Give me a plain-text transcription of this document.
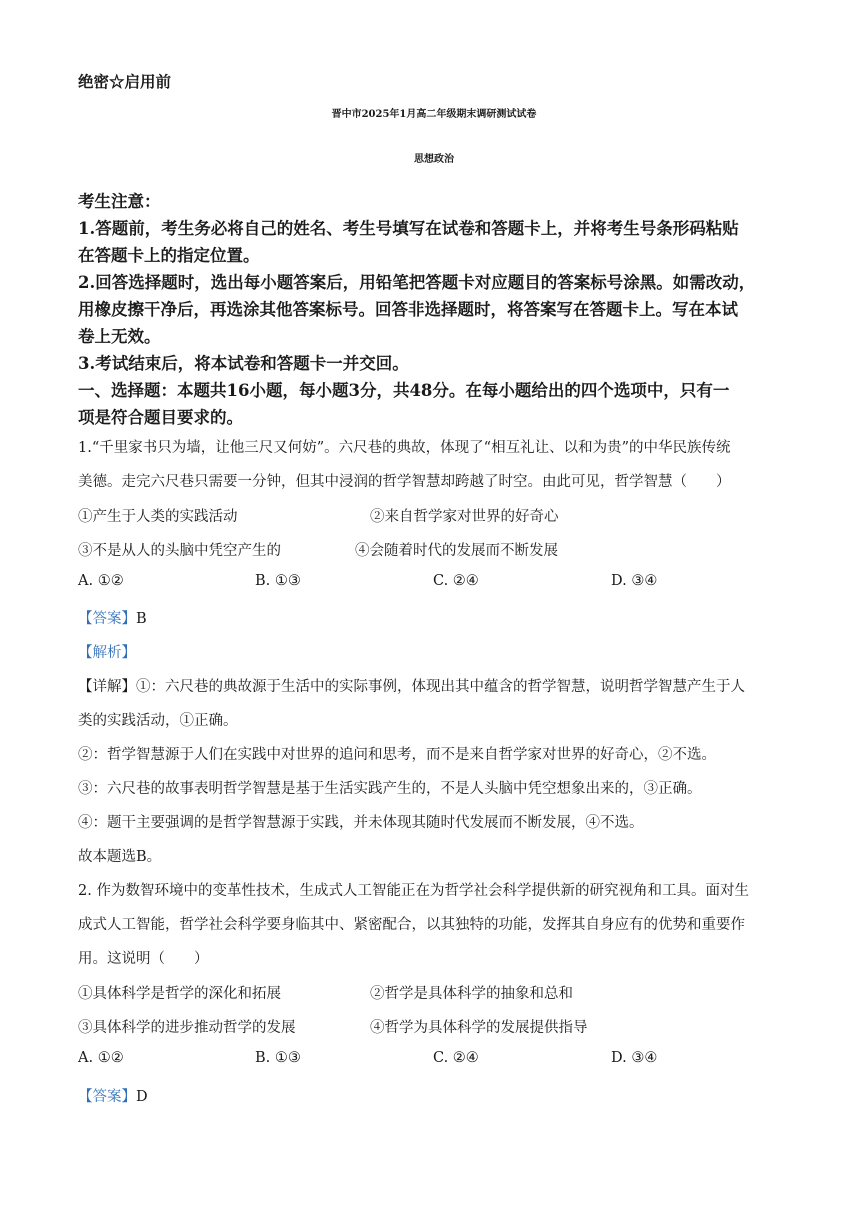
绝密☆启用前
晋中市2025年1月高二年级期末调研测试试卷
思想政治
考生注意：
1.答题前，考生务必将自己的姓名、考生号填写在试卷和答题卡上，并将考生号条形码粘贴
在答题卡上的指定位置。
2.回答选择题时，选出每小题答案后，用铅笔把答题卡对应题目的答案标号涂黑。如需改动，
用橡皮擦干净后，再选涂其他答案标号。回答非选择题时，将答案写在答题卡上。写在本试
卷上无效。
3.考试结束后，将本试卷和答题卡一并交回。
一、选择题：本题共16小题，每小题3分，共48分。在每小题给出的四个选项中，只有一
项是符合题目要求的。
1.“千里家书只为墙，让他三尺又何妨”。六尺巷的典故，体现了“相互礼让、以和为贵”的中华民族传统
美德。走完六尺巷只需要一分钟，但其中浸润的哲学智慧却跨越了时空。由此可见，哲学智慧（　　）
①产生于人类的实践活动	②来自哲学家对世界的好奇心
③不是从人的头脑中凭空产生的	④会随着时代的发展而不断发展
A. ①②	B. ①③	C. ②④	D. ③④
【答案】B
【解析】
【详解】①：六尺巷的典故源于生活中的实际事例，体现出其中蕴含的哲学智慧，说明哲学智慧产生于人
类的实践活动，①正确。
②：哲学智慧源于人们在实践中对世界的追问和思考，而不是来自哲学家对世界的好奇心，②不选。
③：六尺巷的故事表明哲学智慧是基于生活实践产生的，不是人头脑中凭空想象出来的，③正确。
④：题干主要强调的是哲学智慧源于实践，并未体现其随时代发展而不断发展，④不选。
故本题选B。
2. 作为数智环境中的变革性技术，生成式人工智能正在为哲学社会科学提供新的研究视角和工具。面对生
成式人工智能，哲学社会科学要身临其中、紧密配合，以其独特的功能，发挥其自身应有的优势和重要作
用。这说明（　　）
①具体科学是哲学的深化和拓展	②哲学是具体科学的抽象和总和
③具体科学的进步推动哲学的发展	④哲学为具体科学的发展提供指导
A. ①②	B. ①③	C. ②④	D. ③④
【答案】D
